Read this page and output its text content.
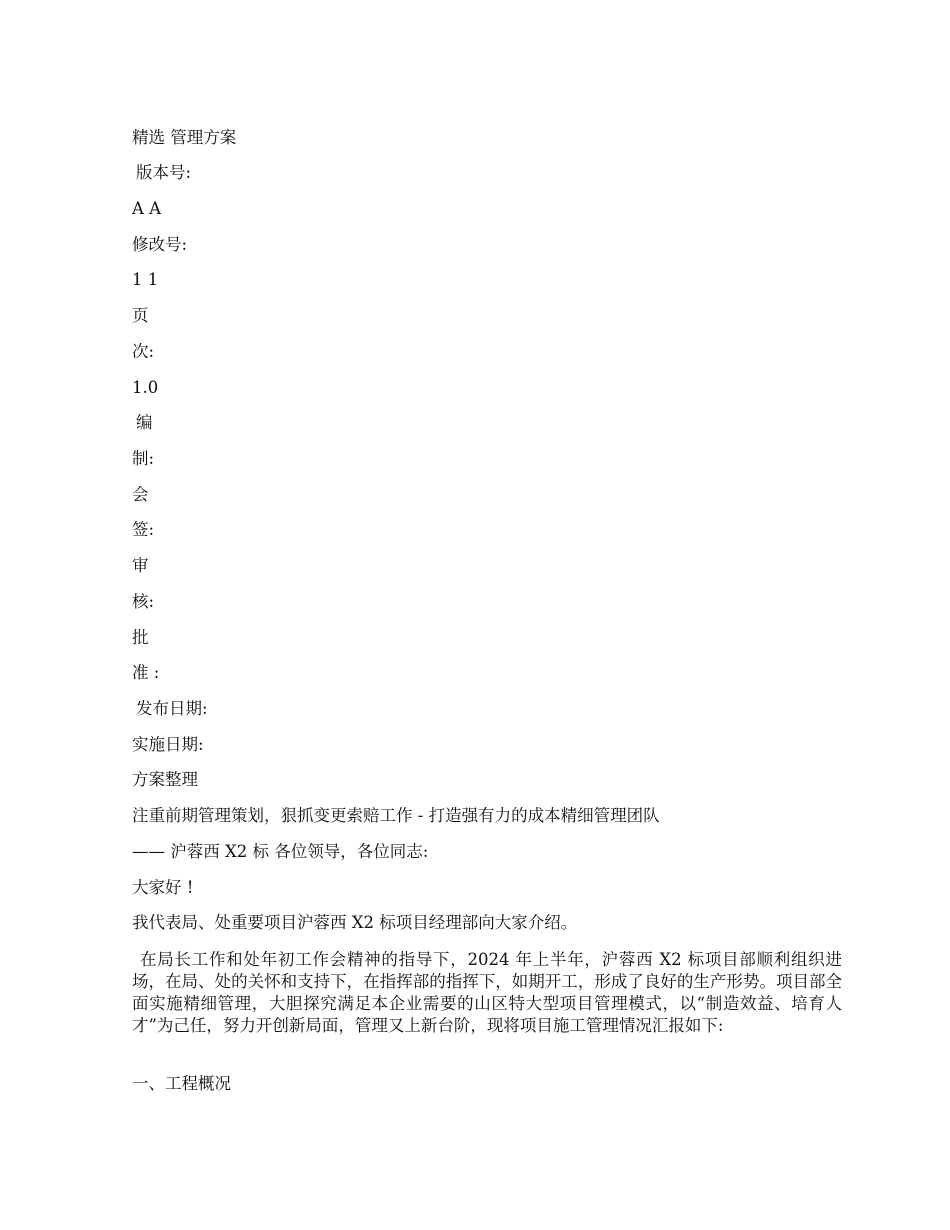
精选 管理方案
版本号:
A A
修改号:
1 1
页
次:
1.0
编
制:
会
签:
审
核:
批
准 :
发布日期:
实施日期:
方案整理
注重前期管理策划，狠抓变更索赔工作 - 打造强有力的成本精细管理团队
—— 沪蓉西 X2 标 各位领导，各位同志:
大家好 !
我代表局、处重要项目沪蓉西 X2 标项目经理部向大家介绍。
在局长工作和处年初工作会精神的指导下，2024 年上半年，沪蓉西 X2 标项目部顺利组织进场，在局、处的关怀和支持下，在指挥部的指挥下，如期开工，形成了良好的生产形势。项目部全面实施精细管理，大胆探究满足本企业需要的山区特大型项目管理模式，以“制造效益、培育人才”为己任，努力开创新局面，管理又上新台阶，现将项目施工管理情况汇报如下:
一、工程概况
